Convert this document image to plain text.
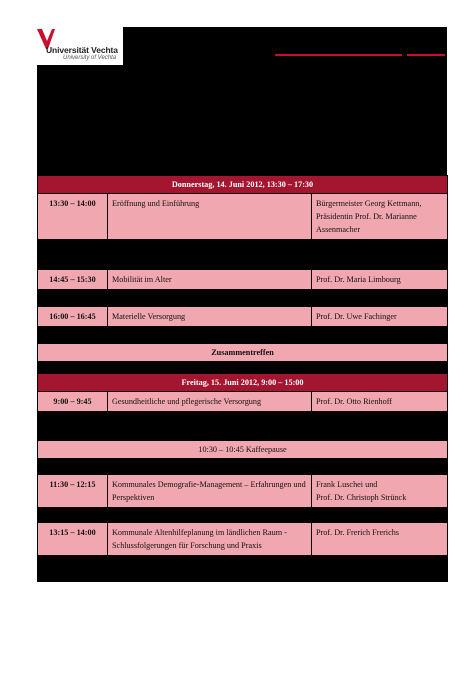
Universität Vechta
University of Vechta
Donnerstag, 14. Juni 2012, 13:30 – 17:30		
13:30 – 14:00	Eröffnung und Einführung	Bürgermeister Georg Kettmann, Präsidentin Prof. Dr. Marianne Assenmacher

14:45 – 15:30	Mobilität im Alter	Prof. Dr. Maria Limbourg

16:00 – 16:45	Materielle Versorgung	Prof. Dr. Uwe Fachinger

Zusammentreffen		

Freitag, 15. Juni 2012, 9:00 – 15:00		
9:00 – 9:45	Gesundheitliche und pflegerische Versorgung	Prof. Dr. Otto Rienhoff

10:30 – 10:45 Kaffeepause		

11:30 – 12:15	Kommunales Demografie-Management – Erfahrungen und Perspektiven	Frank Luschei und
Prof. Dr. Christoph Strünck

13:15 – 14:00	Kommunale Altenhilfeplanung im ländlichen Raum - Schlussfolgerungen für Forschung und Praxis	Prof. Dr. Frerich Frerichs
